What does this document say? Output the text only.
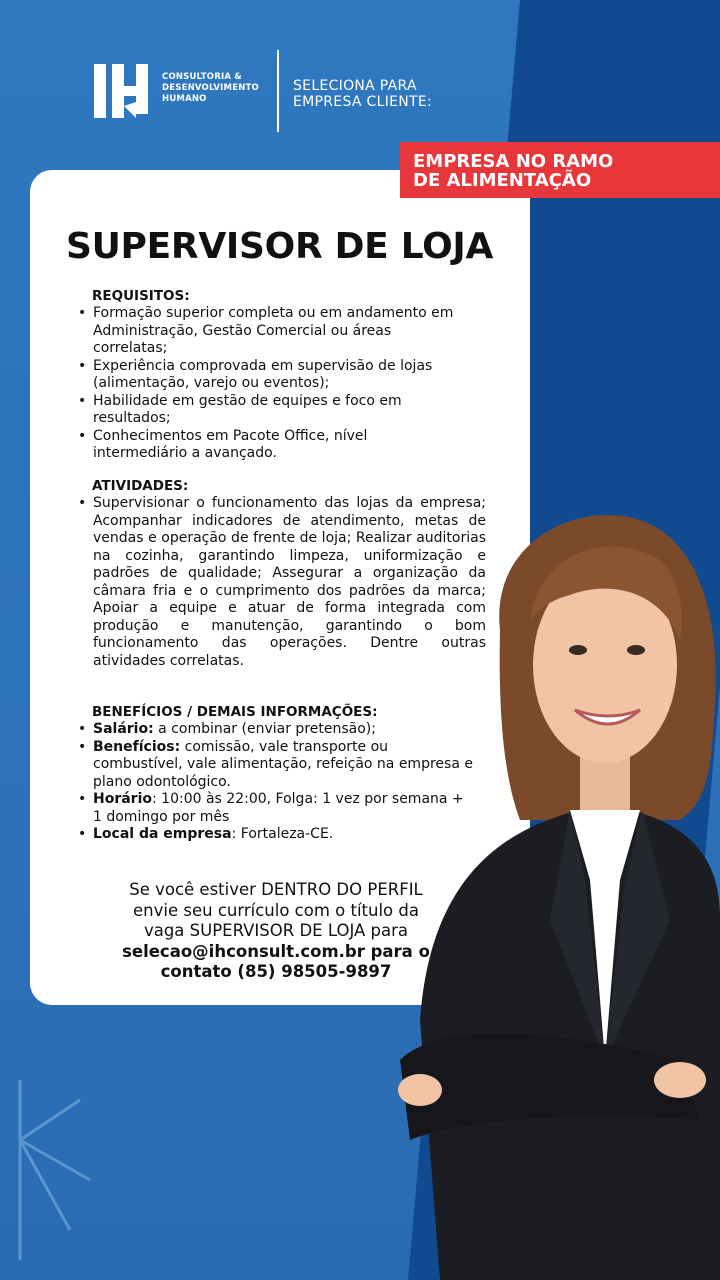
CONSULTORIA &
DESENVOLVIMENTO
HUMANO
SELECIONA PARA
EMPRESA CLIENTE:
EMPRESA NO RAMO
DE ALIMENTAÇÃO
SUPERVISOR DE LOJA
REQUISITOS:
• Formação superior completa ou em andamento em Administração, Gestão Comercial ou áreas correlatas;
• Experiência comprovada em supervisão de lojas (alimentação, varejo ou eventos);
• Habilidade em gestão de equipes e foco em resultados;
• Conhecimentos em Pacote Office, nível intermediário a avançado.
ATIVIDADES:
• Supervisionar o funcionamento das lojas da empresa; Acompanhar indicadores de atendimento, metas de vendas e operação de frente de loja; Realizar auditorias na cozinha, garantindo limpeza, uniformização e padrões de qualidade; Assegurar a organização da câmara fria e o cumprimento dos padrões da marca; Apoiar a equipe e atuar de forma integrada com produção e manutenção, garantindo o bom funcionamento das operações. Dentre outras atividades correlatas.
BENEFÍCIOS / DEMAIS INFORMAÇÕES:
• Salário: a combinar (enviar pretensão);
• Benefícios: comissão, vale transporte ou combustível, vale alimentação, refeição na empresa e plano odontológico.
• Horário: 10:00 às 22:00, Folga: 1 vez por semana + 1 domingo por mês
• Local da empresa: Fortaleza-CE.
Se você estiver DENTRO DO PERFIL
envie seu currículo com o título da
vaga SUPERVISOR DE LOJA para
selecao@ihconsult.com.br para o
contato (85) 98505-9897
